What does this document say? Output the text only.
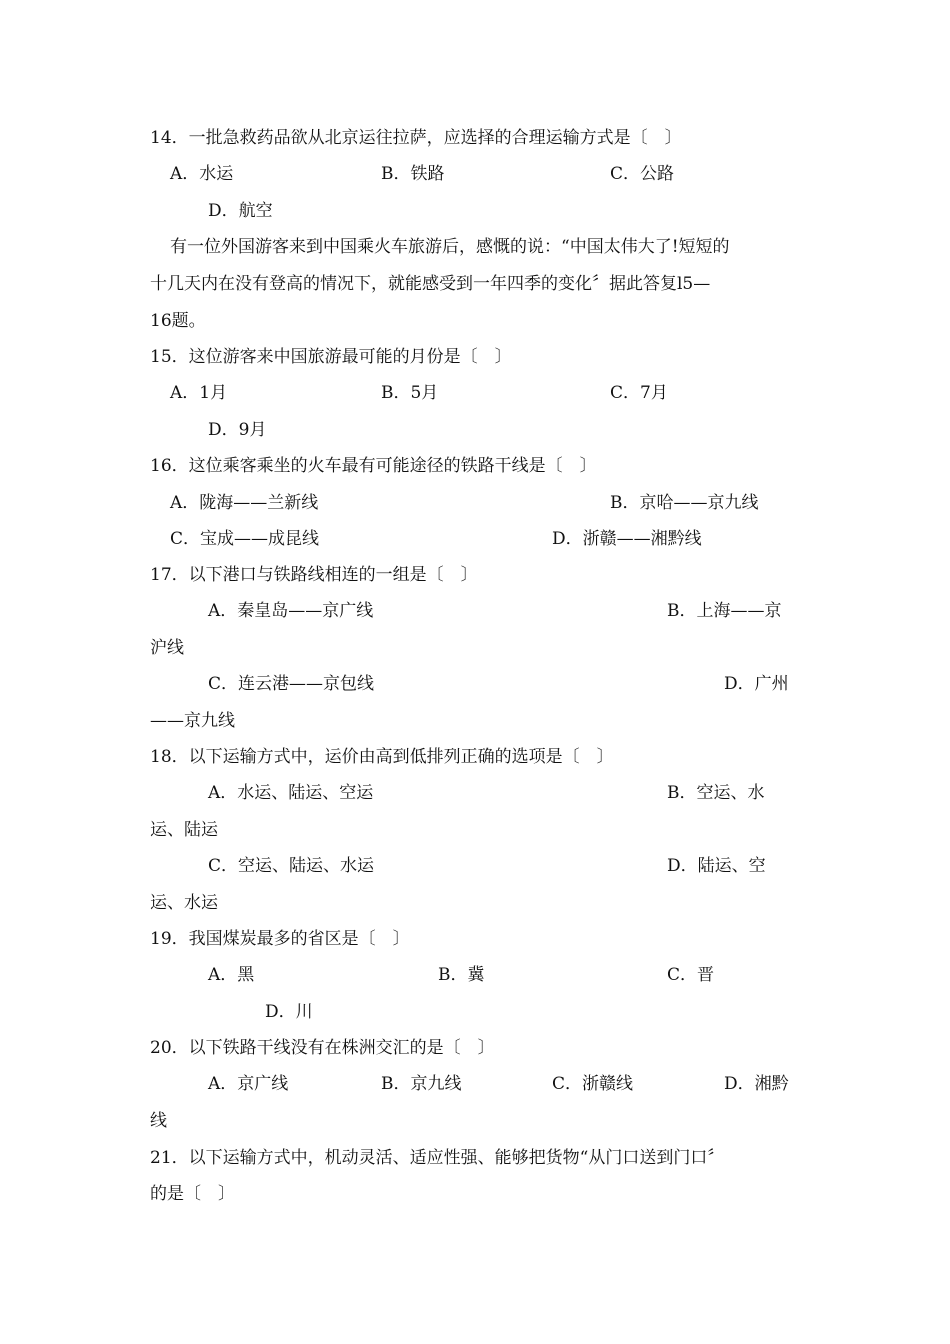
14．一批急救药品欲从北京运往拉萨，应选择的合理运输方式是〔　〕
A．水运	B．铁路	C．公路
D．航空
有一位外国游客来到中国乘火车旅游后，感慨的说：“中国太伟大了!短短的
十几天内在没有登高的情况下，就能感受到一年四季的变化〞据此答复l5—
16题。
15．这位游客来中国旅游最可能的月份是〔　〕
A．1月	B．5月	C．7月
D．9月
16．这位乘客乘坐的火车最有可能途径的铁路干线是〔　〕
A．陇海——兰新线	B．京哈——京九线
C．宝成——成昆线	D．浙赣——湘黔线
17．以下港口与铁路线相连的一组是〔　〕
A．秦皇岛——京广线	B．上海——京
沪线
C．连云港——京包线	D．广州
——京九线
18．以下运输方式中，运价由高到低排列正确的选项是〔　〕
A．水运、陆运、空运	B．空运、水
运、陆运
C．空运、陆运、水运	D．陆运、空
运、水运
19．我国煤炭最多的省区是〔　〕
A．黑	B．冀	C．晋
D．川
20．以下铁路干线没有在株洲交汇的是〔　〕
A．京广线	B．京九线	C．浙赣线	D．湘黔
线
21．以下运输方式中，机动灵活、适应性强、能够把货物“从门口送到门口〞
的是〔　〕
